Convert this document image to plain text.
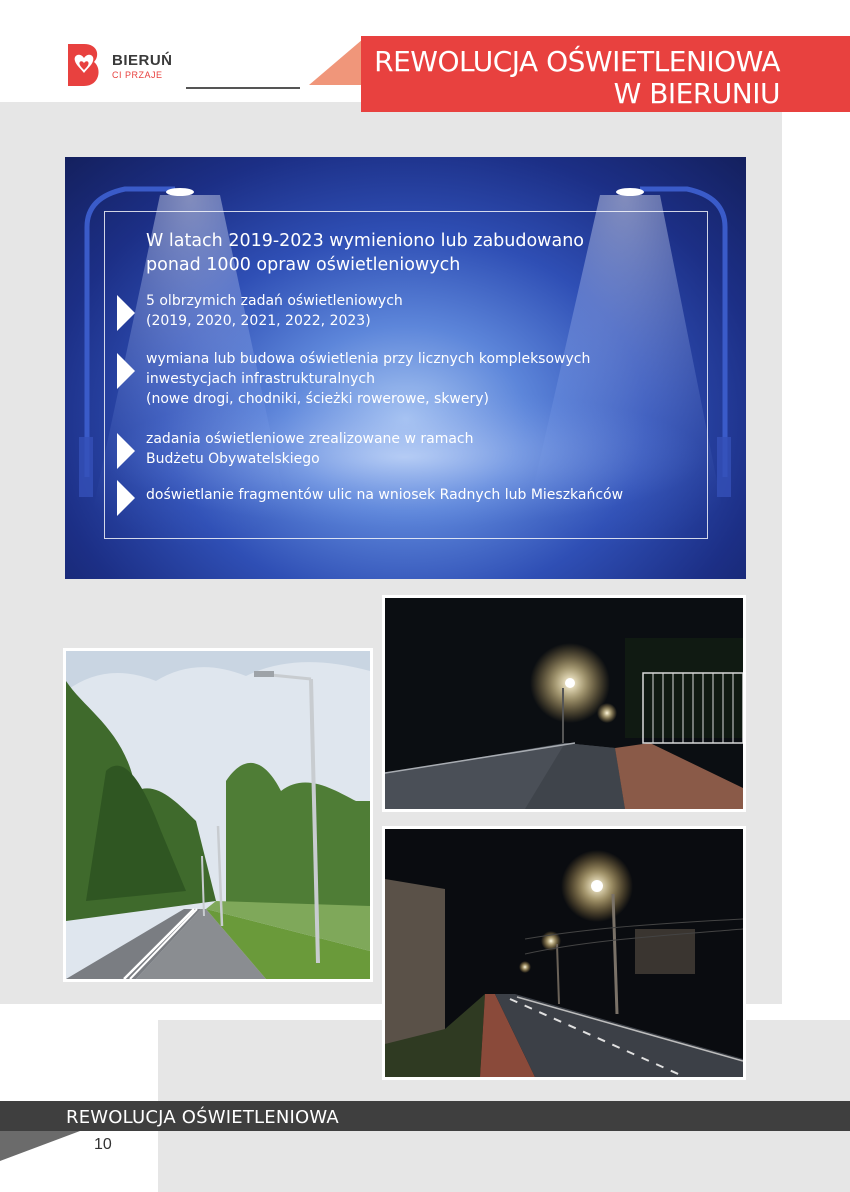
BIERUŃ
CI PRZAJE	REWOLUCJA OŚWIETLENIOWA
W BIERUNIU
W latach 2019-2023 wymieniono lub zabudowano
ponad 1000 opraw oświetleniowych
5 olbrzymich zadań oświetleniowych
(2019, 2020, 2021, 2022, 2023)
wymiana lub budowa oświetlenia przy licznych kompleksowych
inwestycjach infrastrukturalnych
(nowe drogi, chodniki, ścieżki rowerowe, skwery)
zadania oświetleniowe zrealizowane w ramach
Budżetu Obywatelskiego
doświetlanie fragmentów ulic na wniosek Radnych lub Mieszkańców
REWOLUCJA OŚWIETLENIOWA
10
